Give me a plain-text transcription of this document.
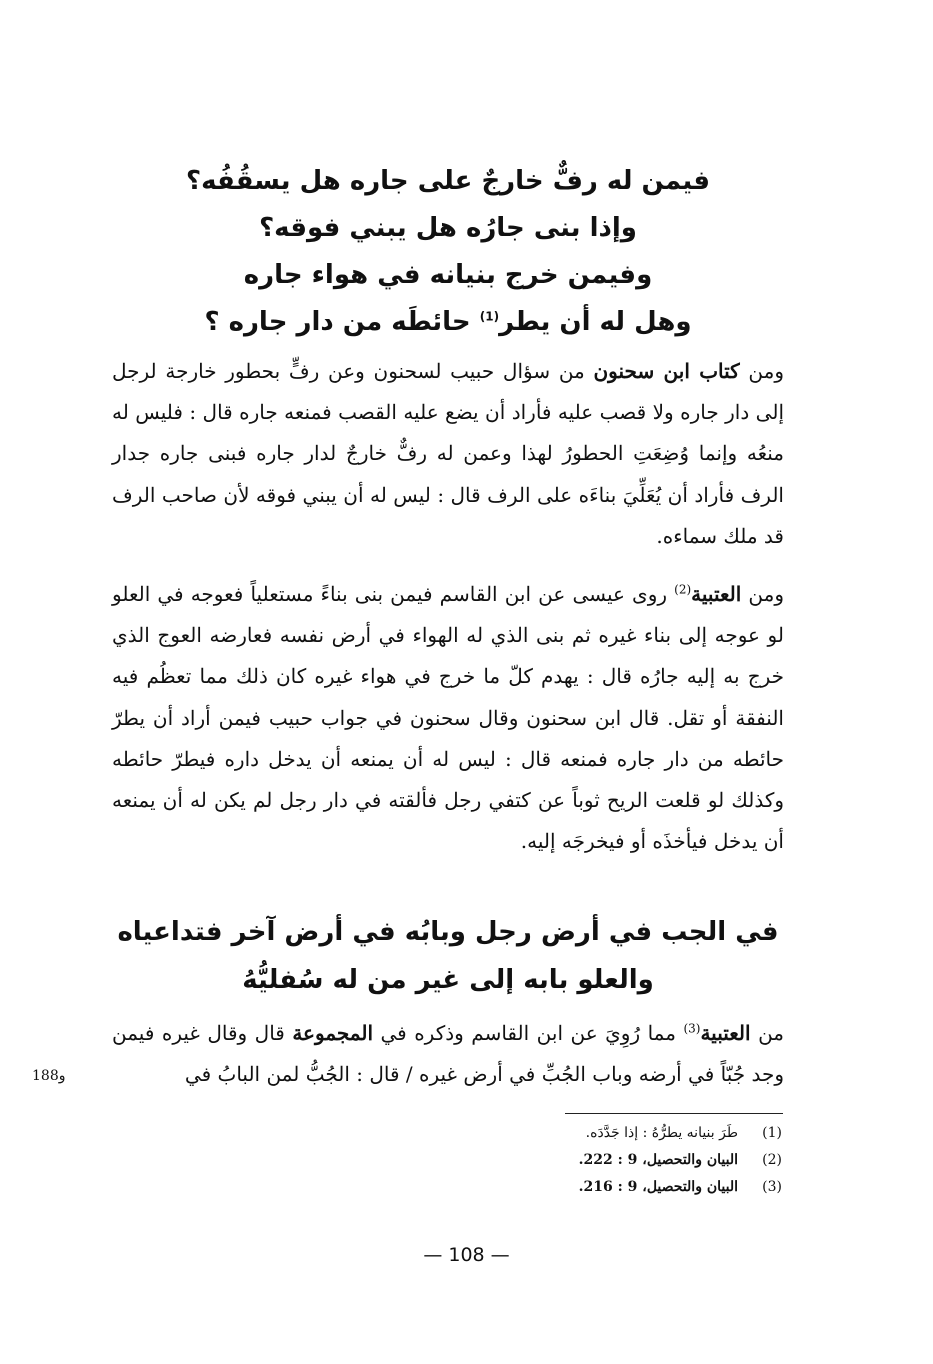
فيمن له رفٌّ خارجٌ على جاره هل يسقُفُه؟
وإذا بنى جارُه هل يبني فوقه؟
وفيمن خرج بنيانه في هواء جاره
وهل له أن يطر$^{(1)}$ حائطَه من دار جاره ؟
ومن كتاب ابن سحنون من سؤال حبيب لسحنون وعن رفٍّ بحطور خارجة لرجل إلى دار جاره ولا قصب عليه فأراد أن يضع عليه القصب فمنعه جاره قال : فليس له منعُه وإنما وُضِعَتِ الحطورُ لهذا وعمن له رفٌّ خارجٌ لدار جاره فبنى جاره جدار الرف فأراد أن يُعَلِّيَ بناءَه على الرف قال : ليس له أن يبني فوقه لأن صاحب الرف قد ملك سماءه.
ومن العتبية$^{(2)}$ روى عيسى عن ابن القاسم فيمن بنى بناءً مستعلياً فعوجه في العلو لو عوجه إلى بناء غيره ثم بنى الذي له الهواء في أرض نفسه فعارضه العوج الذي خرج به إليه جارُه قال : يهدم كلّ ما خرج في هواء غيره كان ذلك مما تعظُم فيه النفقة أو تقل. قال ابن سحنون وقال سحنون في جواب حبيب فيمن أراد أن يطرّ حائطه من دار جاره فمنعه قال : ليس له أن يمنعه أن يدخل داره فيطرّ حائطه وكذلك لو قلعت الريح ثوباً عن كتفي رجل فألقته في دار رجل لم يكن له أن يمنعه أن يدخل فيأخذَه أو فيخرجَه إليه.
في الجب في أرض رجل وبابُه في أرض آخر فتداعياه
والعلو بابه إلى غير من له سُفليُّهُ
من العتبية$^{(3)}$ مما رُوِيَ عن ابن القاسم وذكره في المجموعة قال وقال غيره فيمن وجد جُبّاً في أرضه وباب الجُبِّ في أرض غيره / قال : الجُبُّ لمن البابُ في
188و
(1)
طَرَ بنيانه يطرُّهُ : إذا جَدَّدَه.
(2)
البيان والتحصيل، 9 : 222.
(3)
البيان والتحصيل، 9 : 216.
— 108 —
